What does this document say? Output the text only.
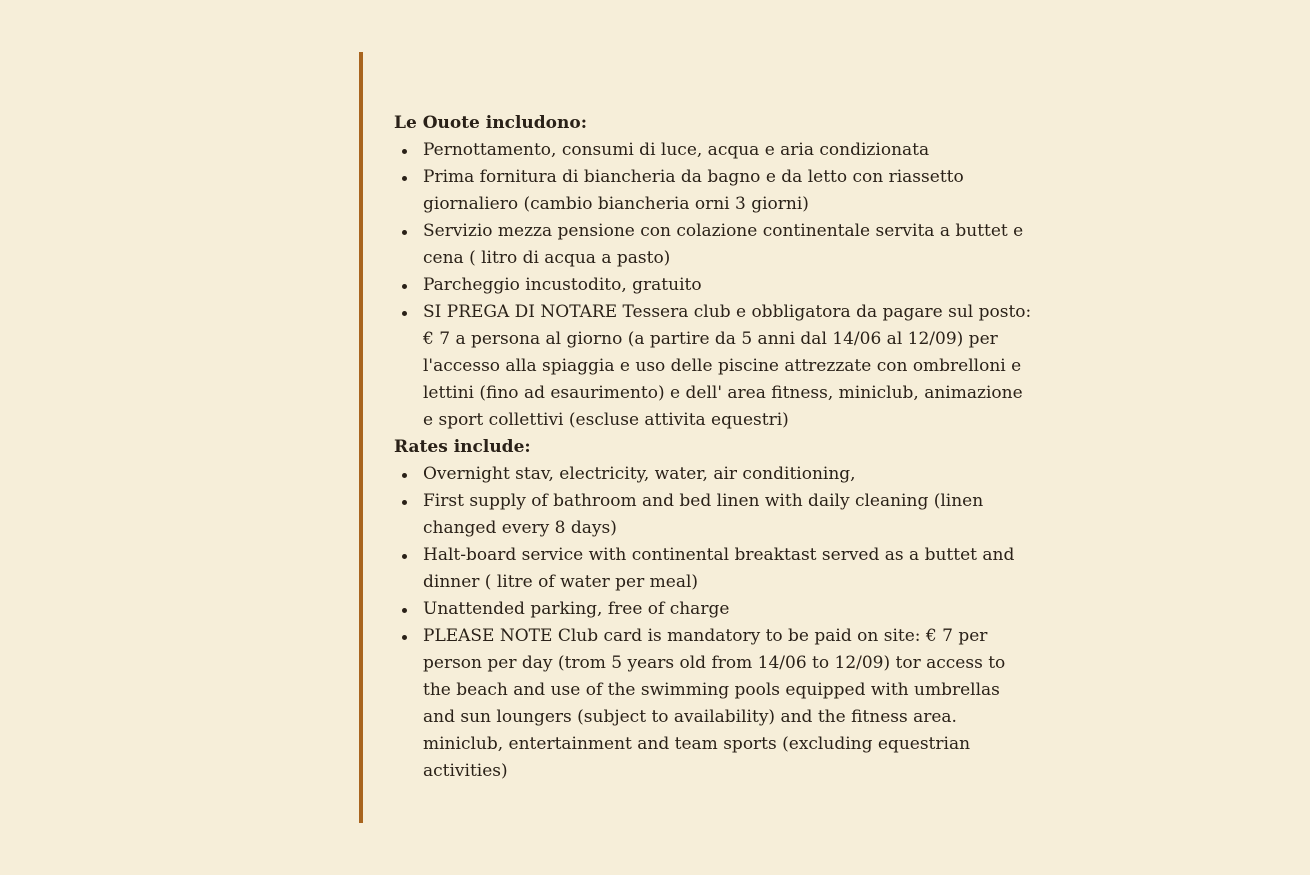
Le Ouote includono:

Pernottamento, consumi di luce, acqua e aria condizionata
Prima fornitura di biancheria da bagno e da letto con riassetto giornaliero (cambio biancheria orni 3 giorni)
Servizio mezza pensione con colazione continentale servita a buttet e cena ( litro di acqua a pasto)
Parcheggio incustodito, gratuito
SI PREGA DI NOTARE Tessera club e obbligatora da pagare sul posto: € 7 a persona al giorno (a partire da 5 anni dal 14/06 al 12/09) per l'accesso alla spiaggia e uso delle piscine attrezzate con ombrelloni e lettini (fino ad esaurimento) e dell' area fitness, miniclub, animazione e sport collettivi (escluse attivita equestri)

Rates include:

Overnight stav, electricity, water, air conditioning,
First supply of bathroom and bed linen with daily cleaning (linen changed every 8 days)
Halt-board service with continental breaktast served as a buttet and dinner ( litre of water per meal)
Unattended parking, free of charge
PLEASE NOTE Club card is mandatory to be paid on site: € 7 per person per day (trom 5 years old from 14/06 to 12/09) tor access to the beach and use of the swimming pools equipped with umbrellas and sun loungers (subject to availability) and the fitness area. miniclub, entertainment and team sports (excluding equestrian activities)
